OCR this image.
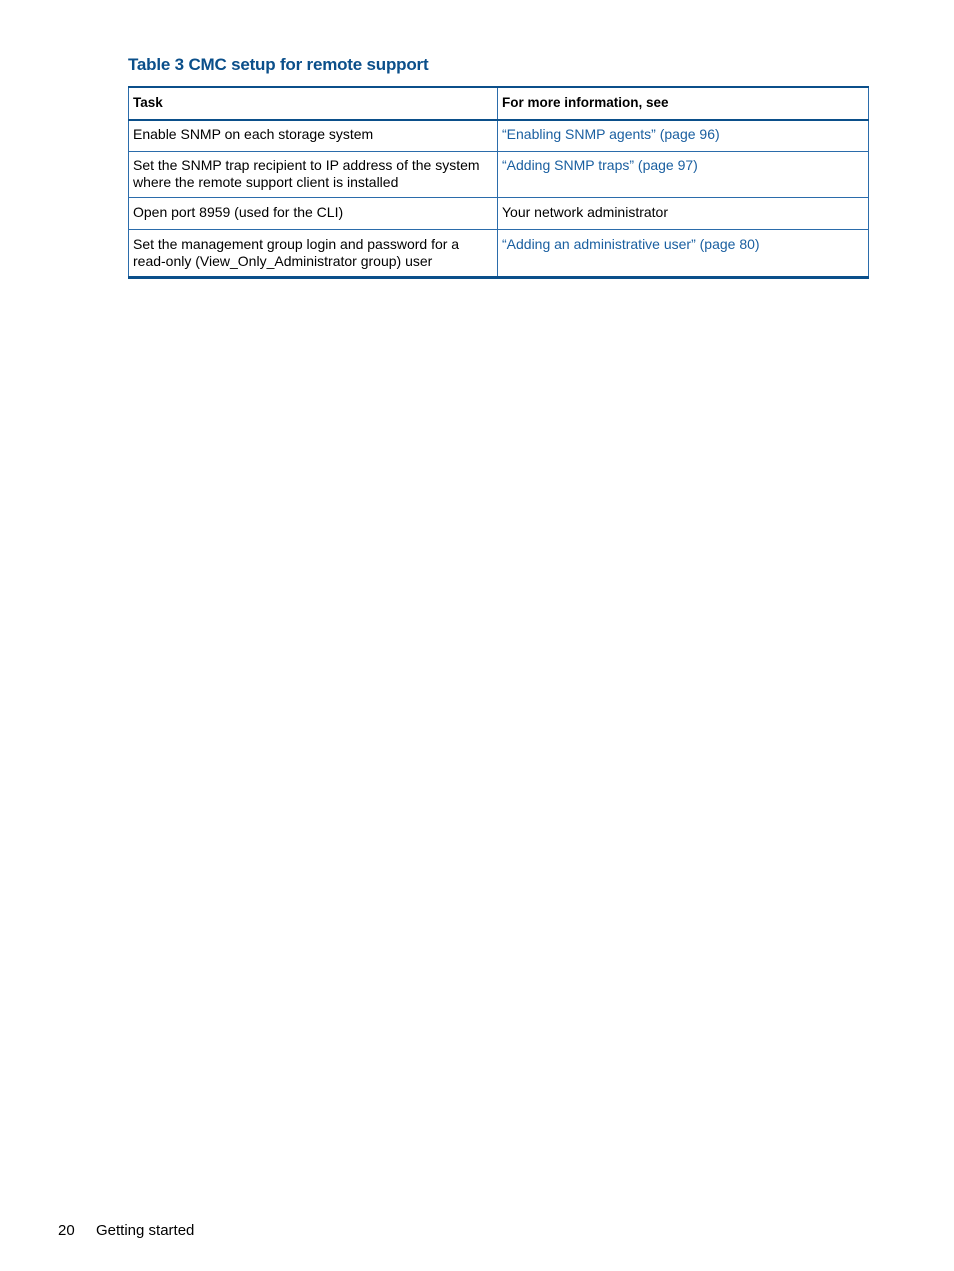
Table 3 CMC setup for remote support
Task	For more information, see
Enable SNMP on each storage system	“Enabling SNMP agents” (page 96)
Set the SNMP trap recipient to IP address of the system where the remote support client is installed	“Adding SNMP traps” (page 97)
Open port 8959 (used for the CLI)	Your network administrator
Set the management group login and password for a read-only (View_Only_Administrator group) user	“Adding an administrative user” (page 80)
20 Getting started
